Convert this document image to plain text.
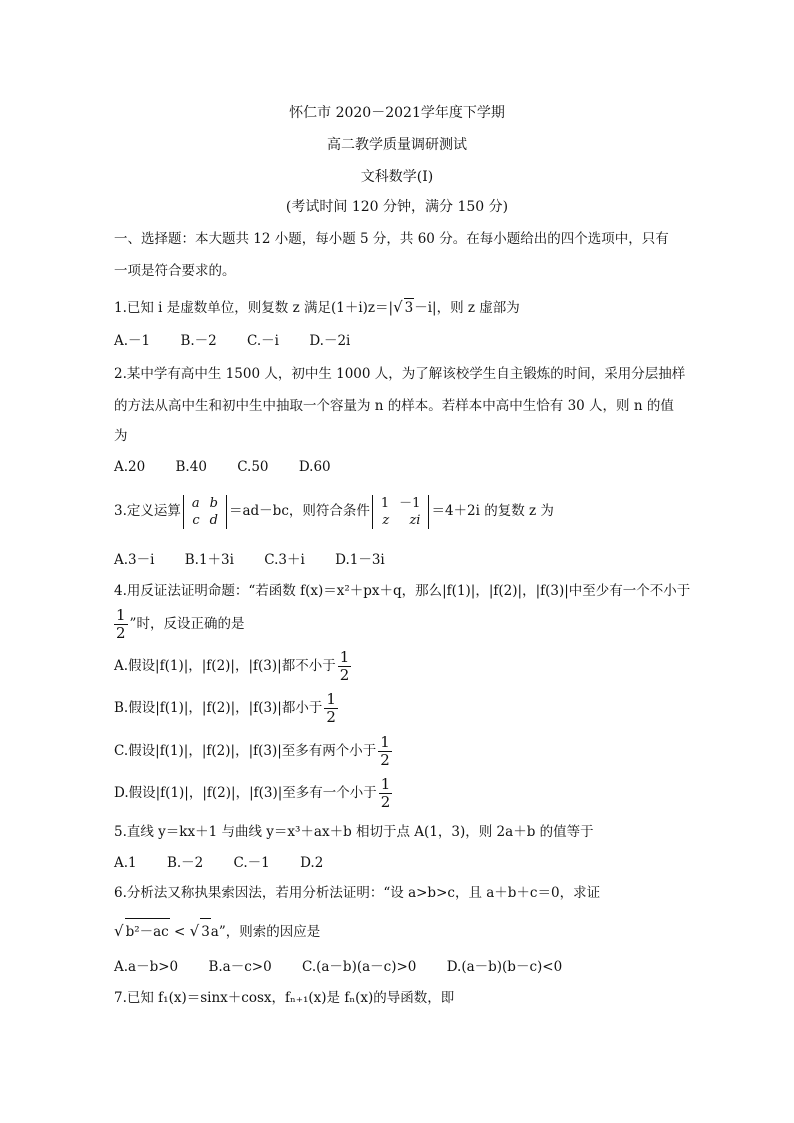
怀仁市 2020－2021学年度下学期
高二教学质量调研测试
文科数学(Ⅰ)
(考试时间 120 分钟，满分 150 分)
一、选择题：本大题共 12 小题，每小题 5 分，共 60 分。在每小题给出的四个选项中，只有
一项是符合要求的。
1.已知 i 是虚数单位，则复数 z 满足(1＋i)z＝|√ 3－i|，则 z 虚部为
A.－1 B.－2 C.－i D.－2i
2.某中学有高中生 1500 人，初中生 1000 人，为了解该校学生自主锻炼的时间，采用分层抽样
的方法从高中生和初中生中抽取一个容量为 n 的样本。若样本中高中生恰有 30 人，则 n 的值
为
A.20 B.40 C.50 D.60
3.定义运算 a	b
c	d
＝ad－bc，则符合条件 1	－1
z	zi
＝4＋2i 的复数 z 为
A.3－i B.1＋3i C.3＋i D.1－3i
4.用反证法证明命题：“若函数 f(x)＝x²＋px＋q，那么|f(1)|，|f(2)|，|f(3)|中至少有一个不小于
$\frac{1}{2}$ ”时，反设正确的是
A.假设|f(1)|，|f(2)|，|f(3)|都不小于 $\frac{1}{2}$
B.假设|f(1)|，|f(2)|，|f(3)|都小于 $\frac{1}{2}$
C.假设|f(1)|，|f(2)|，|f(3)|至多有两个小于 $\frac{1}{2}$
D.假设|f(1)|，|f(2)|，|f(3)|至多有一个小于 $\frac{1}{2}$
5.直线 y＝kx＋1 与曲线 y＝x³＋ax＋b 相切于点 A(1，3)，则 2a＋b 的值等于
A.1 B.－2 C.－1 D.2
6.分析法又称执果索因法，若用分析法证明：“设 a>b>c，且 a＋b＋c＝0，求证
√ b²－ac < √ 3a”，则索的因应是
A.a－b>0 B.a－c>0 C.(a－b)(a－c)>0 D.(a－b)(b－c)<0
7.已知 f₁(x)＝sinx＋cosx，fₙ₊₁(x)是 fₙ(x)的导函数，即
